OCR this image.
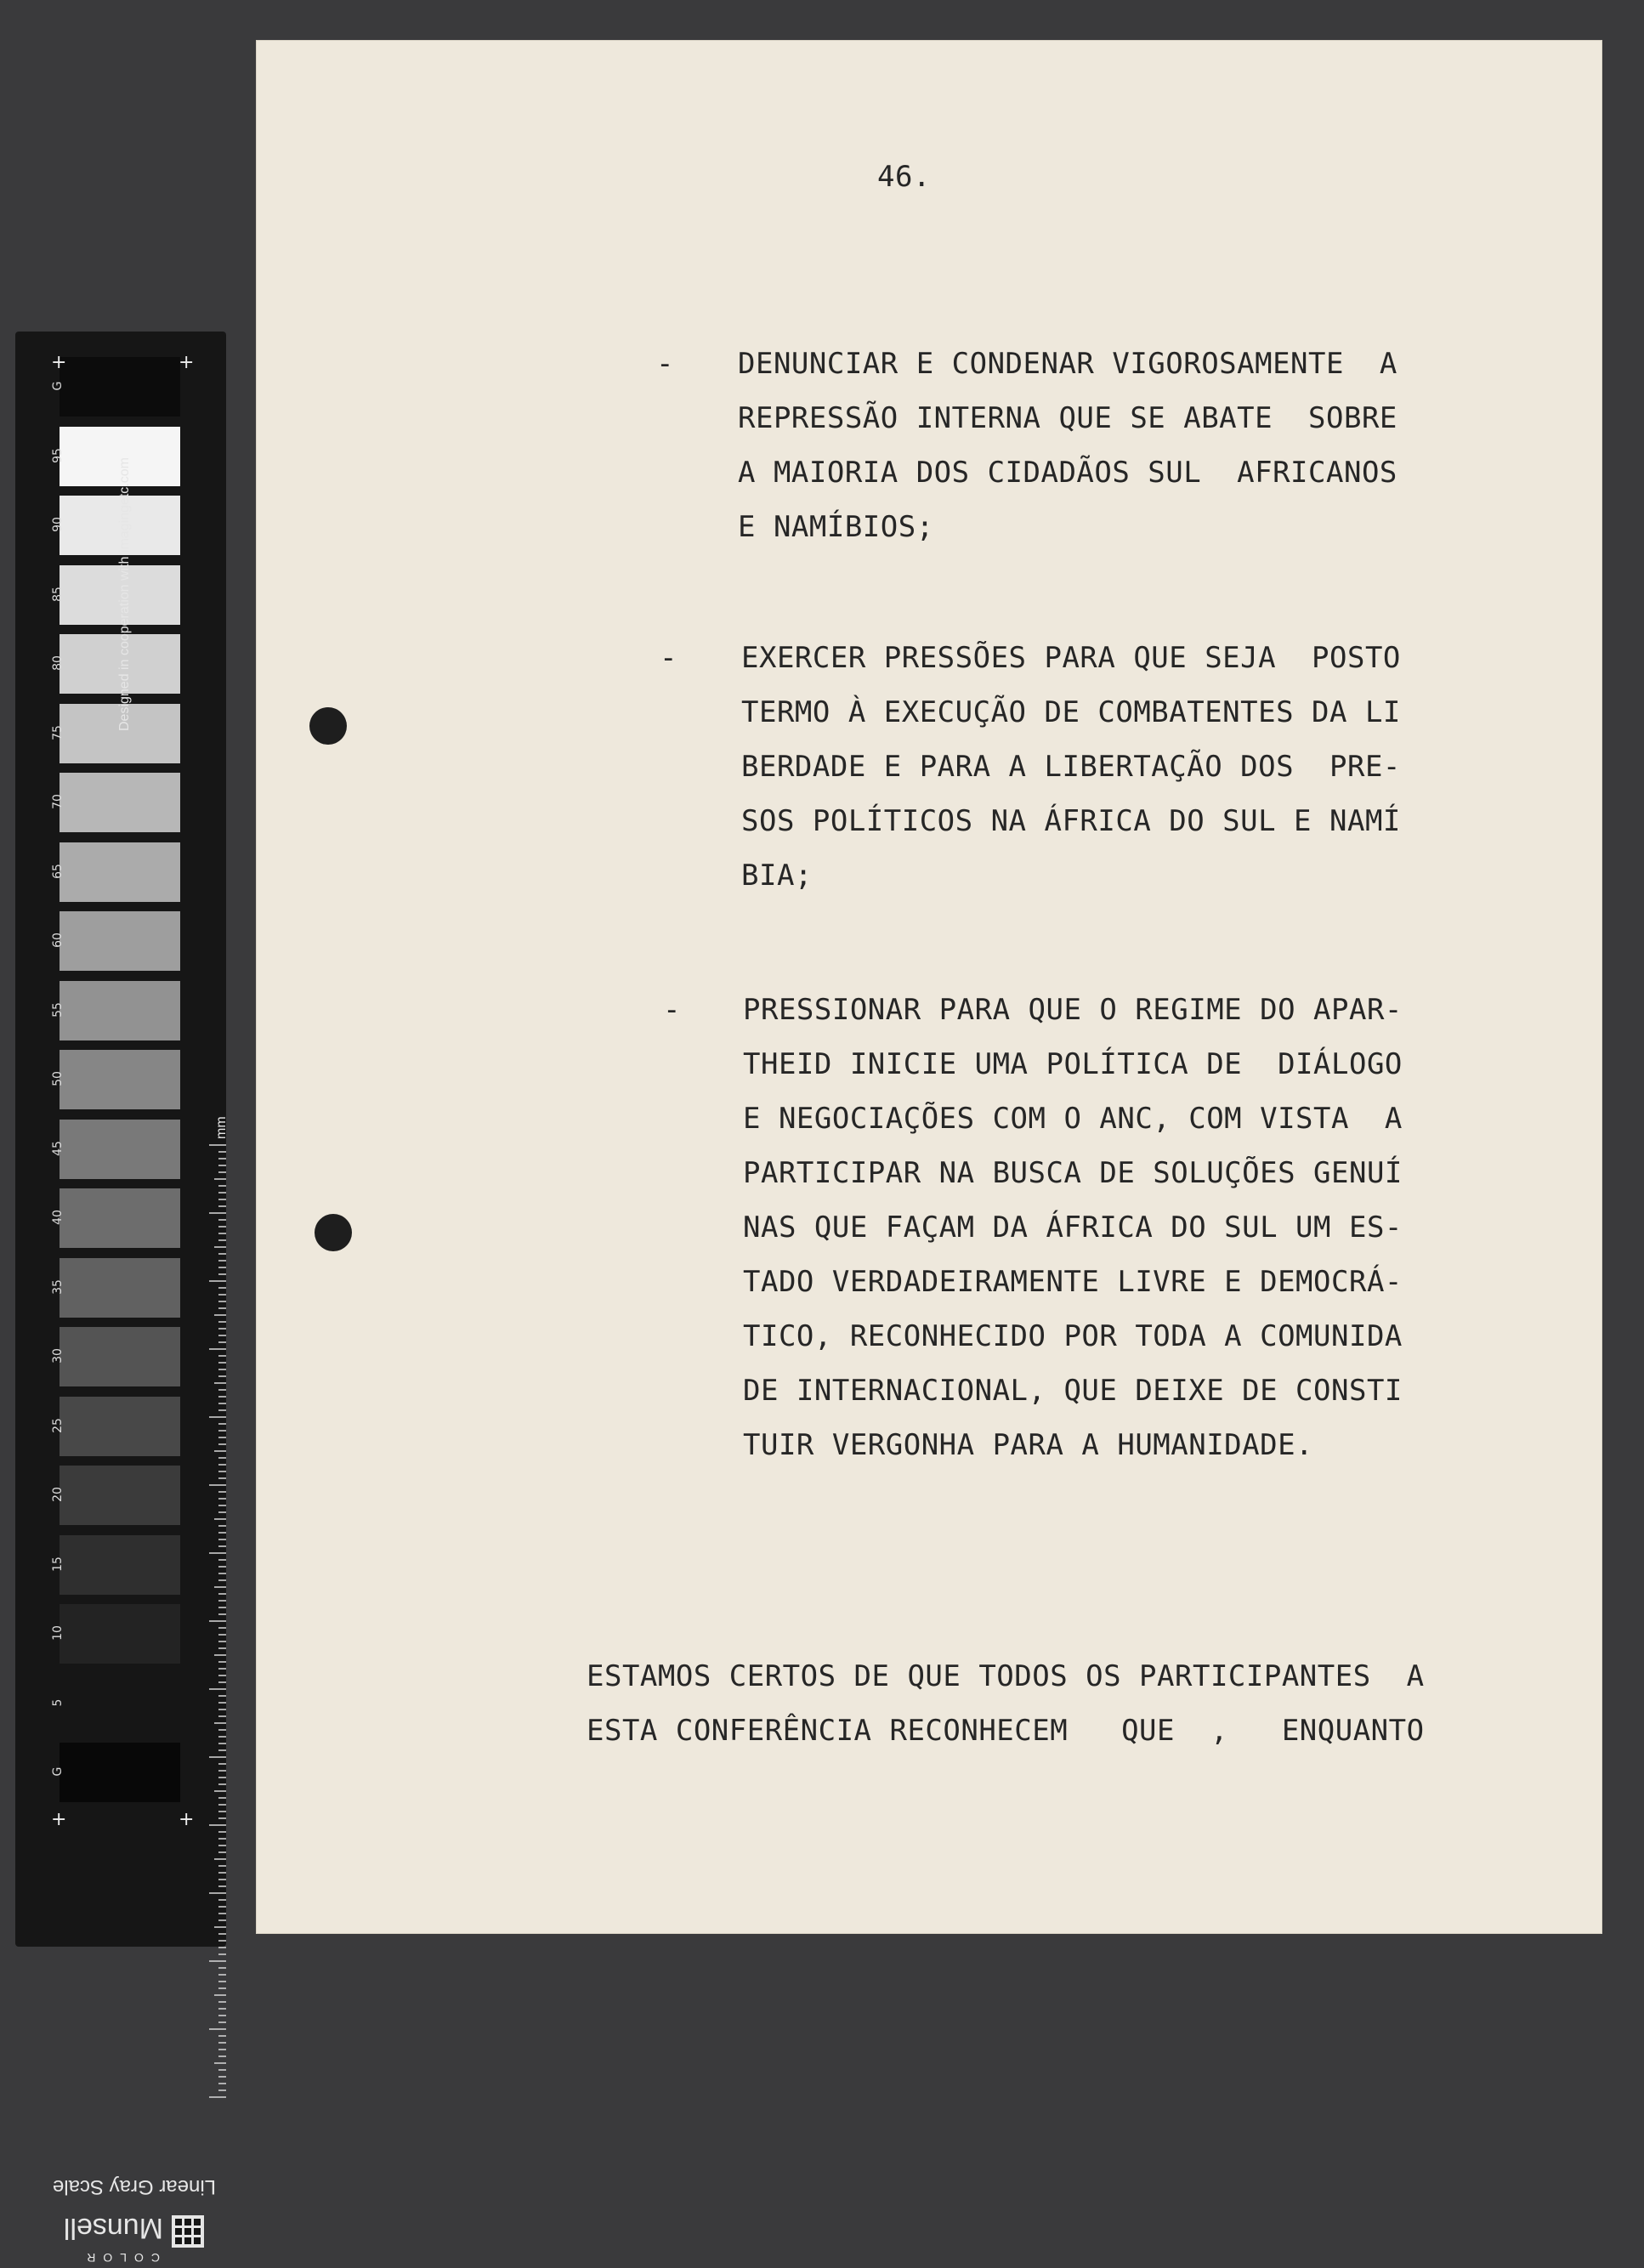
G
95
90
85
80
75
70
65
60
55
50
45
40
35
30
25
20
15
10
5
G
+	+
+	+
Designed in cooperation with imagingetc.com
mm
Linear Gray Scale
Munsell
COLOR
46.
- DENUNCIAR E CONDENAR VIGOROSAMENTE  A
REPRESSÃO INTERNA QUE SE ABATE  SOBRE
A MAIORIA DOS CIDADÃOS SUL  AFRICANOS
E NAMÍBIOS;
- EXERCER PRESSÕES PARA QUE SEJA  POSTO
TERMO À EXECUÇÃO DE COMBATENTES DA LI
BERDADE E PARA A LIBERTAÇÃO DOS  PRE-
SOS POLÍTICOS NA ÁFRICA DO SUL E NAMÍ
BIA;
- PRESSIONAR PARA QUE O REGIME DO APAR-
THEID INICIE UMA POLÍTICA DE  DIÁLOGO
E NEGOCIAÇÕES COM O ANC, COM VISTA  A
PARTICIPAR NA BUSCA DE SOLUÇÕES GENUÍ
NAS QUE FAÇAM DA ÁFRICA DO SUL UM ES-
TADO VERDADEIRAMENTE LIVRE E DEMOCRÁ-
TICO, RECONHECIDO POR TODA A COMUNIDA
DE INTERNACIONAL, QUE DEIXE DE CONSTI
TUIR VERGONHA PARA A HUMANIDADE.
ESTAMOS CERTOS DE QUE TODOS OS PARTICIPANTES  A
ESTA CONFERÊNCIA RECONHECEM   QUE  ,   ENQUANTO
